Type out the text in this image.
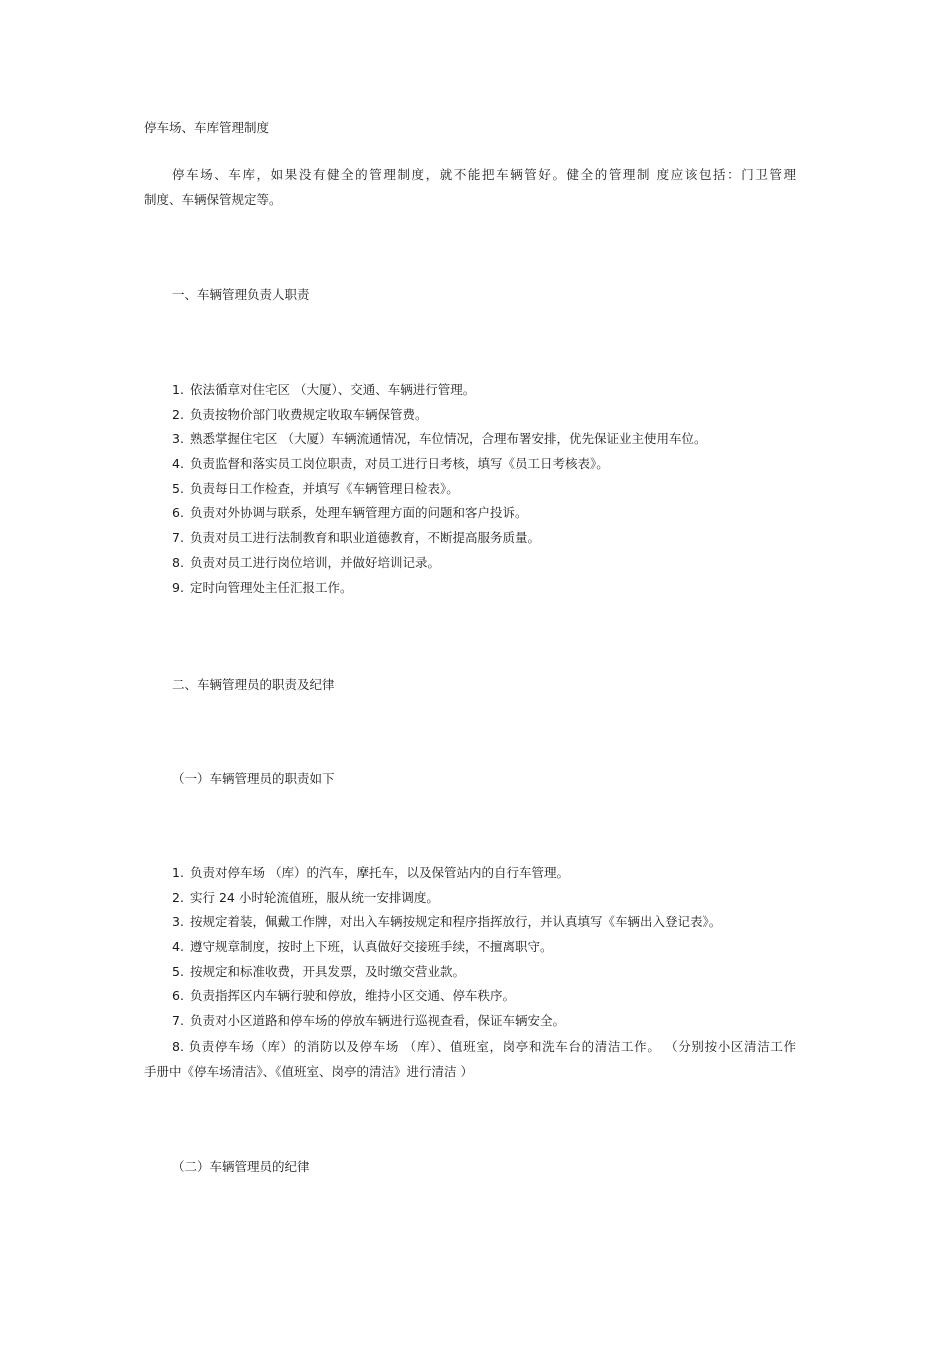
停车场、车库管理制度
停车场、车库，如果没有健全的管理制度，就不能把车辆管好。健全的管理制 度应该包括：门卫管理
制度、车辆保管规定等。
一、车辆管理负责人职责
1. 依法循章对住宅区 （大厦）、交通、车辆进行管理。
2. 负责按物价部门收费规定收取车辆保管费。
3. 熟悉掌握住宅区 （大厦）车辆流通情况，车位情况，合理布署安排，优先保证业主使用车位。
4. 负责监督和落实员工岗位职责，对员工进行日考核，填写《员工日考核表》。
5. 负责每日工作检查，并填写《车辆管理日检表》。
6. 负责对外协调与联系，处理车辆管理方面的问题和客户投诉。
7. 负责对员工进行法制教育和职业道德教育，不断提高服务质量。
8. 负责对员工进行岗位培训，并做好培训记录。
9. 定时向管理处主任汇报工作。
二、车辆管理员的职责及纪律
（一）车辆管理员的职责如下
1. 负责对停车场 （库）的汽车，摩托车，以及保管站内的自行车管理。
2. 实行 24 小时轮流值班，服从统一安排调度。
3. 按规定着装，佩戴工作牌，对出入车辆按规定和程序指挥放行，并认真填写《车辆出入登记表》。
4. 遵守规章制度，按时上下班，认真做好交接班手续，不擅离职守。
5. 按规定和标准收费，开具发票，及时缴交营业款。
6. 负责指挥区内车辆行驶和停放，维持小区交通、停车秩序。
7. 负责对小区道路和停车场的停放车辆进行巡视查看，保证车辆安全。
8. 负责停车场（库）的消防以及停车场 （库）、值班室，岗亭和洗车台的清洁工作。 （分别按小区清洁工作
手册中《停车场清洁》、《值班室、岗亭的清洁》进行清洁 ）
（二）车辆管理员的纪律
